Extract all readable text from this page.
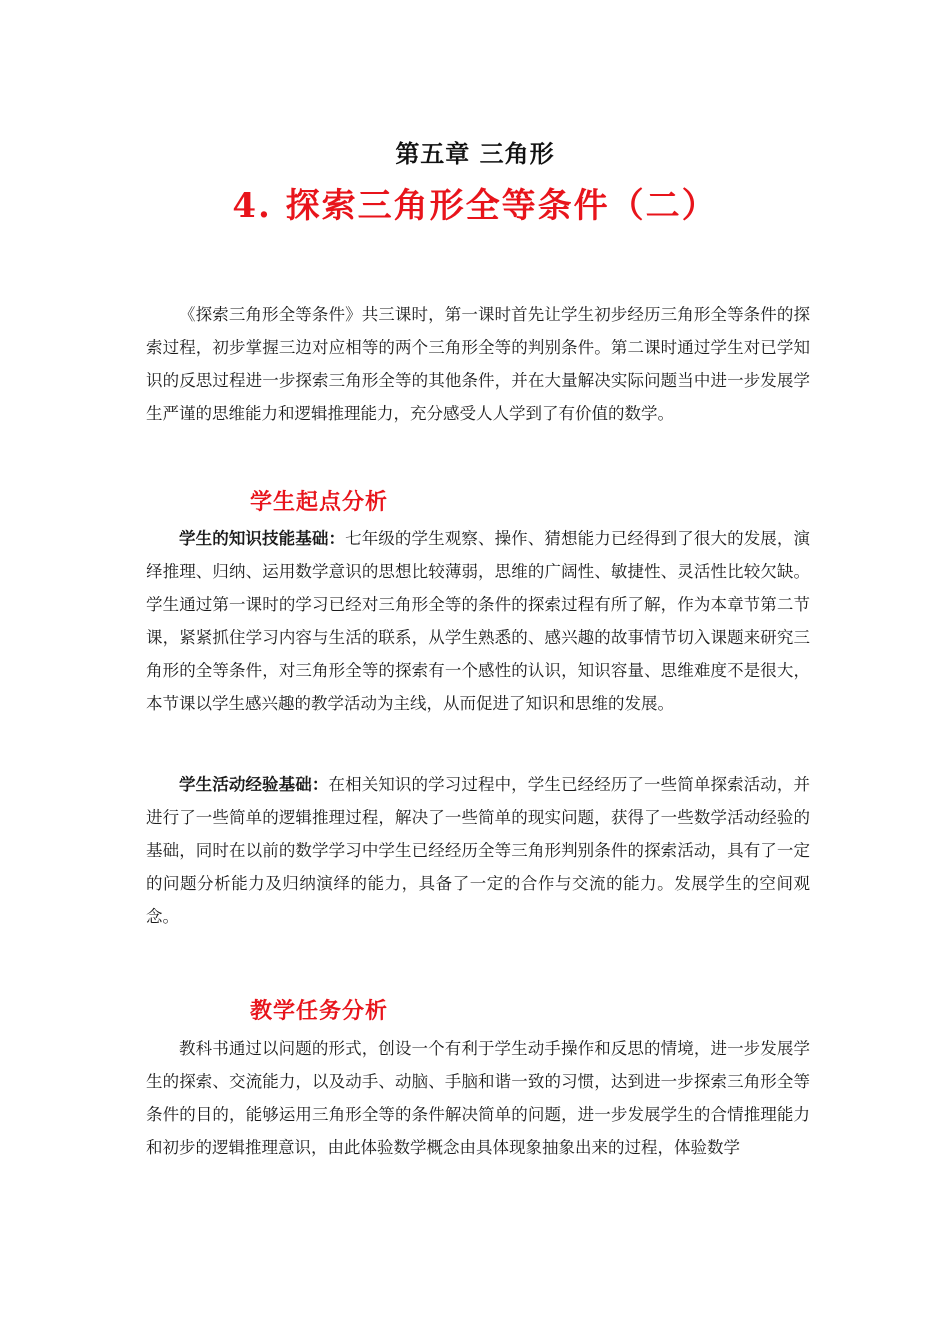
第五章 三角形
4. 探索三角形全等条件（二）

《探索三角形全等条件》共三课时，第一课时首先让学生初步经历三角形全等条件的探索过程，初步掌握三边对应相等的两个三角形全等的判别条件。第二课时通过学生对已学知识的反思过程进一步探索三角形全等的其他条件，并在大量解决实际问题当中进一步发展学生严谨的思维能力和逻辑推理能力，充分感受人人学到了有价值的数学。

学生起点分析

学生的知识技能基础：七年级的学生观察、操作、猜想能力已经得到了很大的发展，演绎推理、归纳、运用数学意识的思想比较薄弱，思维的广阔性、敏捷性、灵活性比较欠缺。学生通过第一课时的学习已经对三角形全等的条件的探索过程有所了解，作为本章节第二节课，紧紧抓住学习内容与生活的联系，从学生熟悉的、感兴趣的故事情节切入课题来研究三角形的全等条件，对三角形全等的探索有一个感性的认识，知识容量、思维难度不是很大，本节课以学生感兴趣的教学活动为主线，从而促进了知识和思维的发展。

学生活动经验基础：在相关知识的学习过程中，学生已经经历了一些简单探索活动，并进行了一些简单的逻辑推理过程，解决了一些简单的现实问题，获得了一些数学活动经验的基础，同时在以前的数学学习中学生已经经历全等三角形判别条件的探索活动，具有了一定的问题分析能力及归纳演绎的能力，具备了一定的合作与交流的能力。发展学生的空间观念。

教学任务分析

教科书通过以问题的形式，创设一个有利于学生动手操作和反思的情境，进一步发展学生的探索、交流能力，以及动手、动脑、手脑和谐一致的习惯，达到进一步探索三角形全等条件的目的，能够运用三角形全等的条件解决简单的问题，进一步发展学生的合情推理能力和初步的逻辑推理意识，由此体验数学概念由具体现象抽象出来的过程，体验数学
